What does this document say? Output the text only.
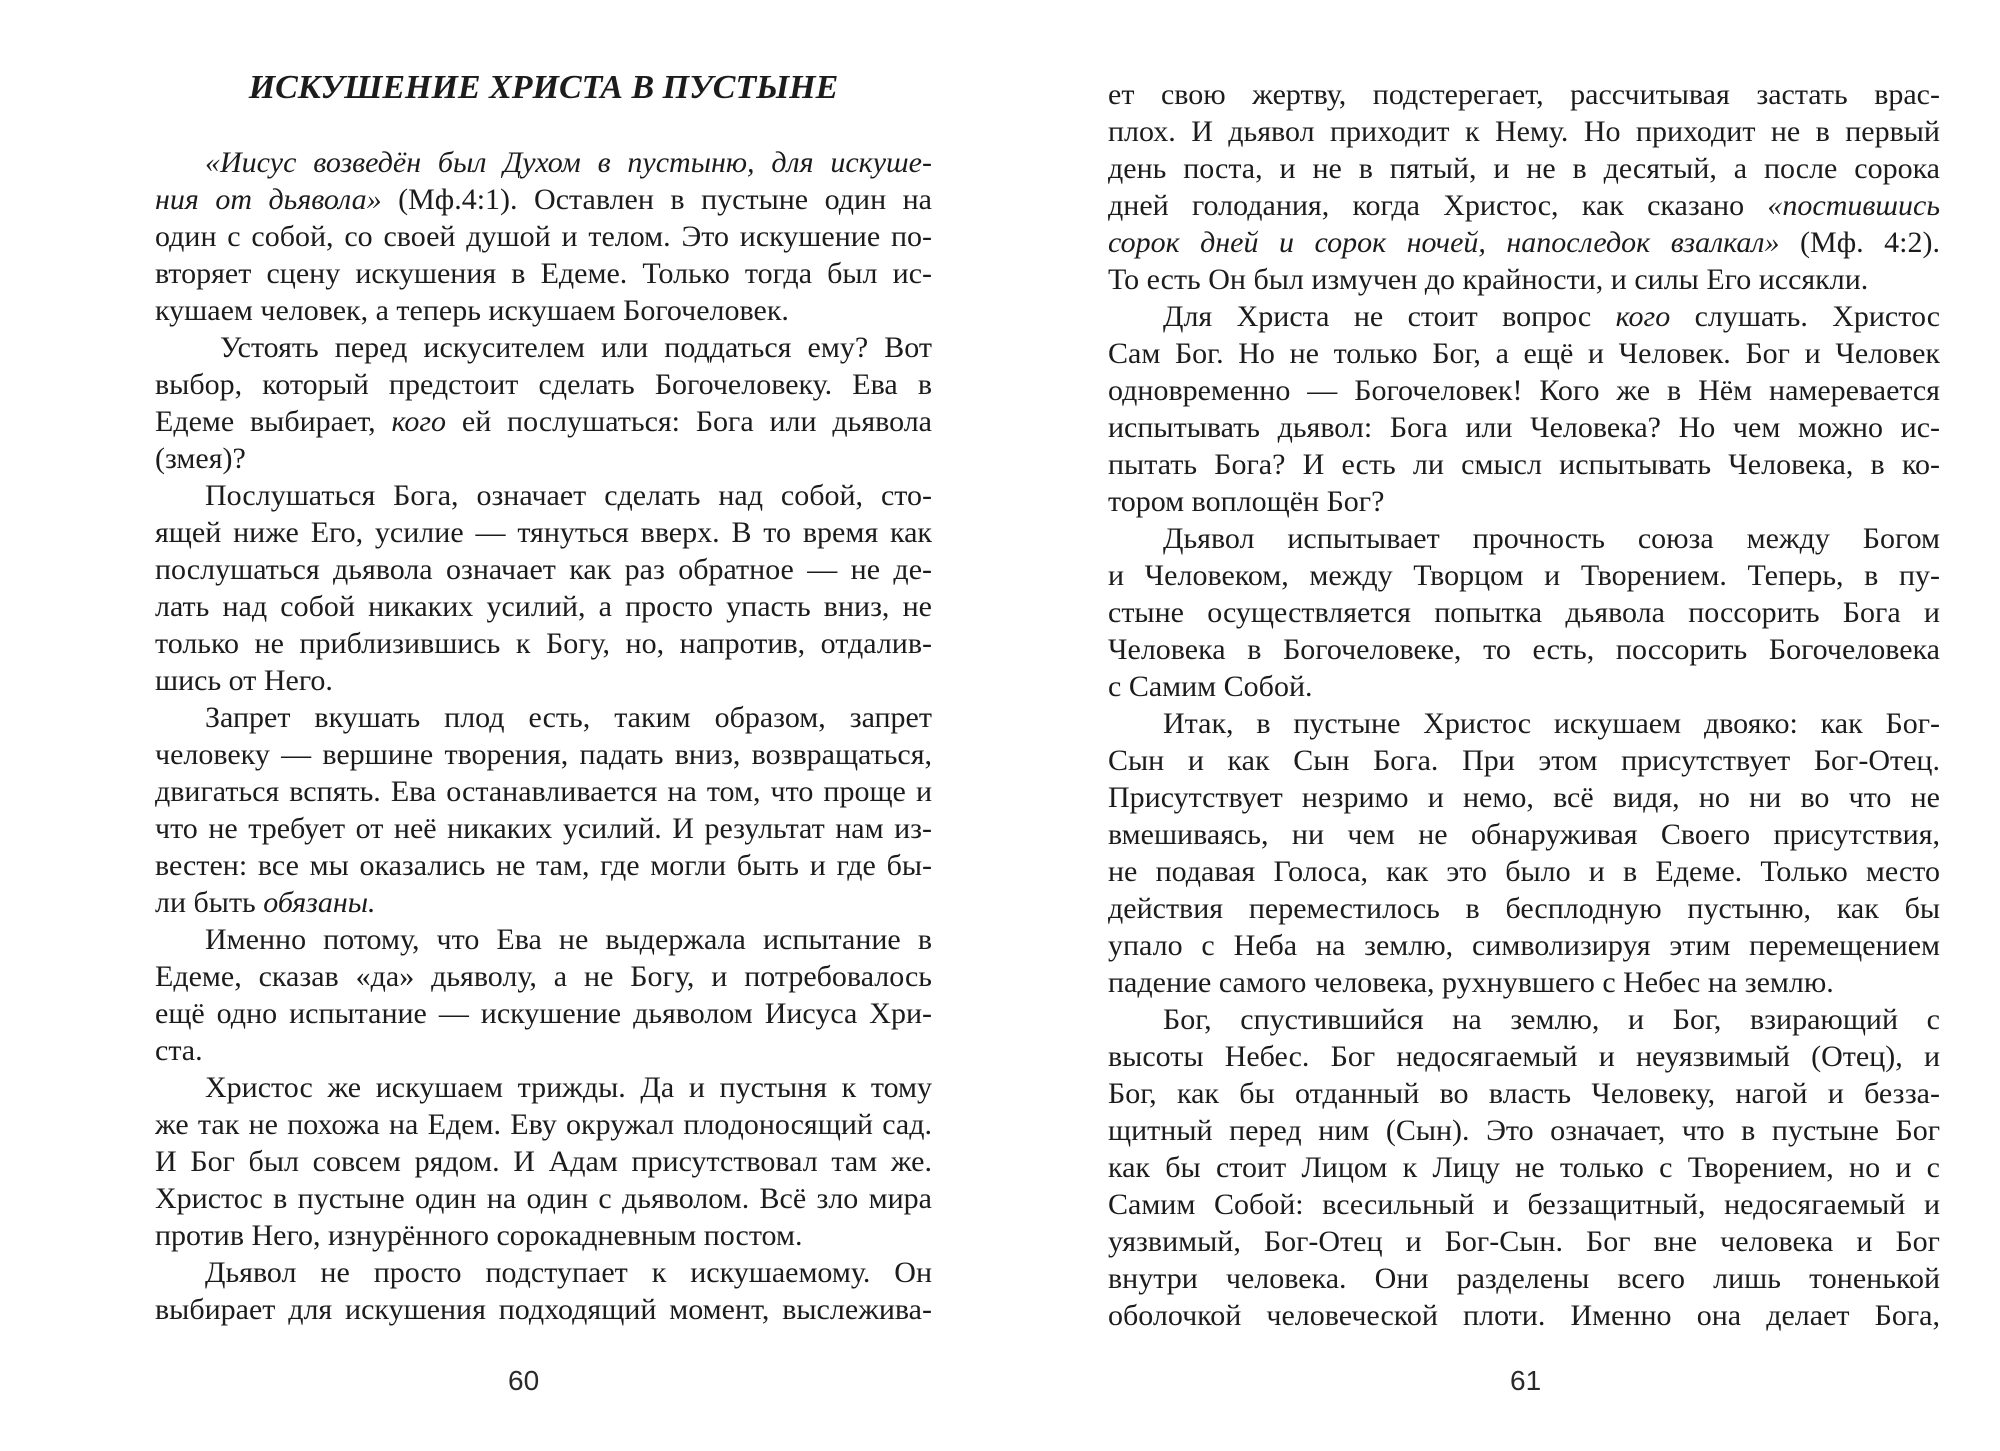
ИСКУШЕНИЕ ХРИСТА В ПУСТЫНЕ
«Иисус возведён был Духом в пустыню, для искуше-
ния от дьявола» (Мф.4:1). Оставлен в пустыне один на
один с собой, со своей душой и телом. Это искушение по-
вторяет сцену искушения в Едеме. Только тогда был ис-
кушаем человек, а теперь искушаем Богочеловек.
Устоять перед искусителем или поддаться ему? Вот
выбор, который предстоит сделать Богочеловеку. Ева в
Едеме выбирает, кого ей послушаться: Бога или дьявола
(змея)?
Послушаться Бога, означает сделать над собой, сто-
ящей ниже Его, усилие — тянуться вверх. В то время как
послушаться дьявола означает как раз обратное — не де-
лать над собой никаких усилий, а просто упасть вниз, не
только не приблизившись к Богу, но, напротив, отдалив-
шись от Него.
Запрет вкушать плод есть, таким образом, запрет
человеку — вершине творения, падать вниз, возвращаться,
двигаться вспять. Ева останавливается на том, что проще и
что не требует от неё никаких усилий. И результат нам из-
вестен: все мы оказались не там, где могли быть и где бы-
ли быть обязаны.
Именно потому, что Ева не выдержала испытание в
Едеме, сказав «да» дьяволу, а не Богу, и потребовалось
ещё одно испытание — искушение дьяволом Иисуса Хри-
ста.
Христос же искушаем трижды. Да и пустыня к тому
же так не похожа на Едем. Еву окружал плодоносящий сад.
И Бог был совсем рядом. И Адам присутствовал там же.
Христос в пустыне один на один с дьяволом. Всё зло мира
против Него, изнурённого сорокадневным постом.
Дьявол не просто подступает к искушаемому. Он
выбирает для искушения подходящий момент, выслежива-
60
ет свою жертву, подстерегает, рассчитывая застать врас-
плох. И дьявол приходит к Нему. Но приходит не в первый
день поста, и не в пятый, и не в десятый, а после сорока
дней голодания, когда Христос, как сказано «постившись
сорок дней и сорок ночей, напоследок взалкал» (Мф. 4:2).
То есть Он был измучен до крайности, и силы Его иссякли.
Для Христа не стоит вопрос кого слушать. Христос
Сам Бог. Но не только Бог, а ещё и Человек. Бог и Человек
одновременно — Богочеловек! Кого же в Нём намеревается
испытывать дьявол: Бога или Человека? Но чем можно ис-
пытать Бога? И есть ли смысл испытывать Человека, в ко-
тором воплощён Бог?
Дьявол испытывает прочность союза между Богом
и Человеком, между Творцом и Творением. Теперь, в пу-
стыне осуществляется попытка дьявола поссорить Бога и
Человека в Богочеловеке, то есть, поссорить Богочеловека
с Самим Собой.
Итак, в пустыне Христос искушаем двояко: как Бог-
Сын и как Сын Бога. При этом присутствует Бог-Отец.
Присутствует незримо и немо, всё видя, но ни во что не
вмешиваясь, ни чем не обнаруживая Своего присутствия,
не подавая Голоса, как это было и в Едеме. Только место
действия переместилось в бесплодную пустыню, как бы
упало с Неба на землю, символизируя этим перемещением
падение самого человека, рухнувшего с Небес на землю.
Бог, спустившийся на землю, и Бог, взирающий с
высоты Небес. Бог недосягаемый и неуязвимый (Отец), и
Бог, как бы отданный во власть Человеку, нагой и безза-
щитный перед ним (Сын). Это означает, что в пустыне Бог
как бы стоит Лицом к Лицу не только с Творением, но и с
Самим Собой: всесильный и беззащитный, недосягаемый и
уязвимый, Бог-Отец и Бог-Сын. Бог вне человека и Бог
внутри человека. Они разделены всего лишь тоненькой
оболочкой человеческой плоти. Именно она делает Бога,
61
